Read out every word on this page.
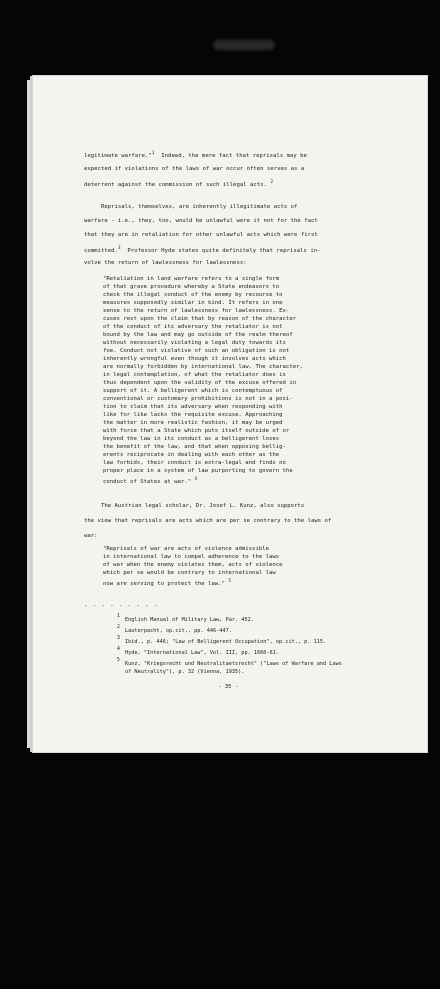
legitimate warfare."$^1$  Indeed, the mere fact that reprisals may be

expected if violations of the laws of war occur often serves as a

deterrent against the commission of such illegal acts. $^2$

Reprisals, themselves, are inherently illegitimate acts of

warfare - i.e., they, too, would be unlawful were it not for the fact

that they are in retaliation for other unlawful acts which were first

committed.$^3$  Professor Hyde states quite definitely that reprisals in-

volve the return of lawlessness for lawlessness:

"Retaliation in land warfare refers to a single form

of that grave procedure whereby a State endeavors to

check the illegal conduct of the enemy by recourse to

measures supposedly similar in kind. It refers in one

sense to the return of lawlessness for lawlessness. Ex-

cuses rest upon the claim that by reason of the character

of the conduct of its adversary the retaliator is not

bound by the law and may go outside of the realm thereof

without necessarily violating a legal duty towards its

foe. Conduct not violative of such an obligation is not

inherently wrongful even though it involves acts which

are normally forbidden by international law. The character,

in legal contemplation, of what the retaliator does is

thus dependent upon the validity of the excuse offered in

support of it. A belligerent which is contemptuous of

conventional or customary prohibitions is not in a posi-

tion to claim that its adversary when responding with

like for like lacks the requisite excuse. Approaching

the matter in more realistic fashion, it may be urged

with force that a State which puts itself outside of or

beyond the law in its conduct as a belligerent loses

the benefit of the law, and that when opposing bellig-

erents reciprocate in dealing with each other as the

law forbids, their conduct is extra-legal and finds no

proper place in a system of law purporting to govern the

conduct of States at war." $^4$

The Austrian legal scholar, Dr. Josef L. Kunz, also supports

the view that reprisals are acts which are per se contrary to the laws of

war:

"Reprisals of war are acts of violence admissible

in international law to compel adherence to the laws

of war when the enemy violates them, acts of violence

which per se would be contrary to international law

now are serving to protect the law." $^5$

- - - - - - - - -

1

English Manual of Military Law, Par. 452.

2

Lauterpacht, op.cit., pp. 446-447.

3

Ibid., p. 446; "Law of Belligerent Occupation", op.cit., p. 115.

4

Hyde, "International Law", Vol. III, pp. 1660-61.

5

Kunz, "Kriegsrecht und Neutralitaetsrecht" ("Laws of Warfare and Laws

of Neutrality"), p. 32 (Vienna, 1935).

- 35 -
